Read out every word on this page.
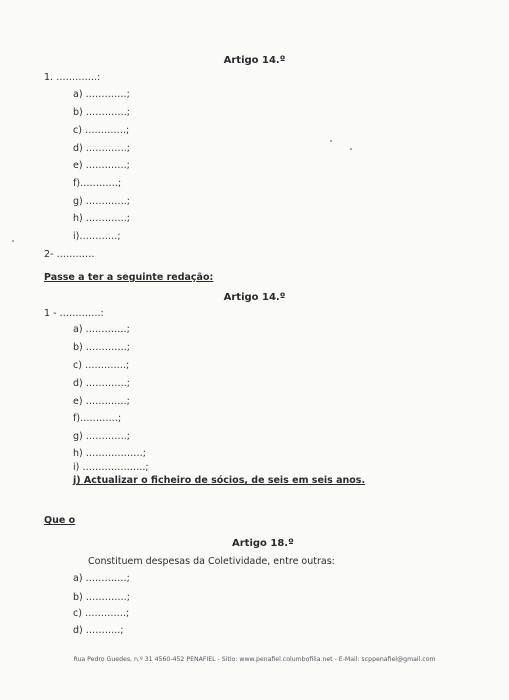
Artigo 14.º
1. ………….:
a) ………….;
b) ………….;
c) ………….;
d) ………….;
e) ………….;
f)…………;
g) ………….;
h) ………….;
i)…………;
2- …………
Passe a ter a seguinte redação:
Artigo 14.º
1 - ………….:
a) ………….;
b) ………….;
c) ………….;
d) ………….;
e) ………….;
f)…………;
g) ………….;
h) ………………;
i) ………………..;
j) Actualizar o ficheiro de sócios, de seis em seis anos.
Que o
Artigo 18.º
Constituem despesas da Coletividade, entre outras:
a) ………….;
b) ………….;
c) ………….;
d) ………..;
Rua Pedro Guedes, n.º 31 4560-452 PENAFIEL - Sitio: www.penafiel.columbofilia.net - E-Mail: scppenafiel@gmail.com
